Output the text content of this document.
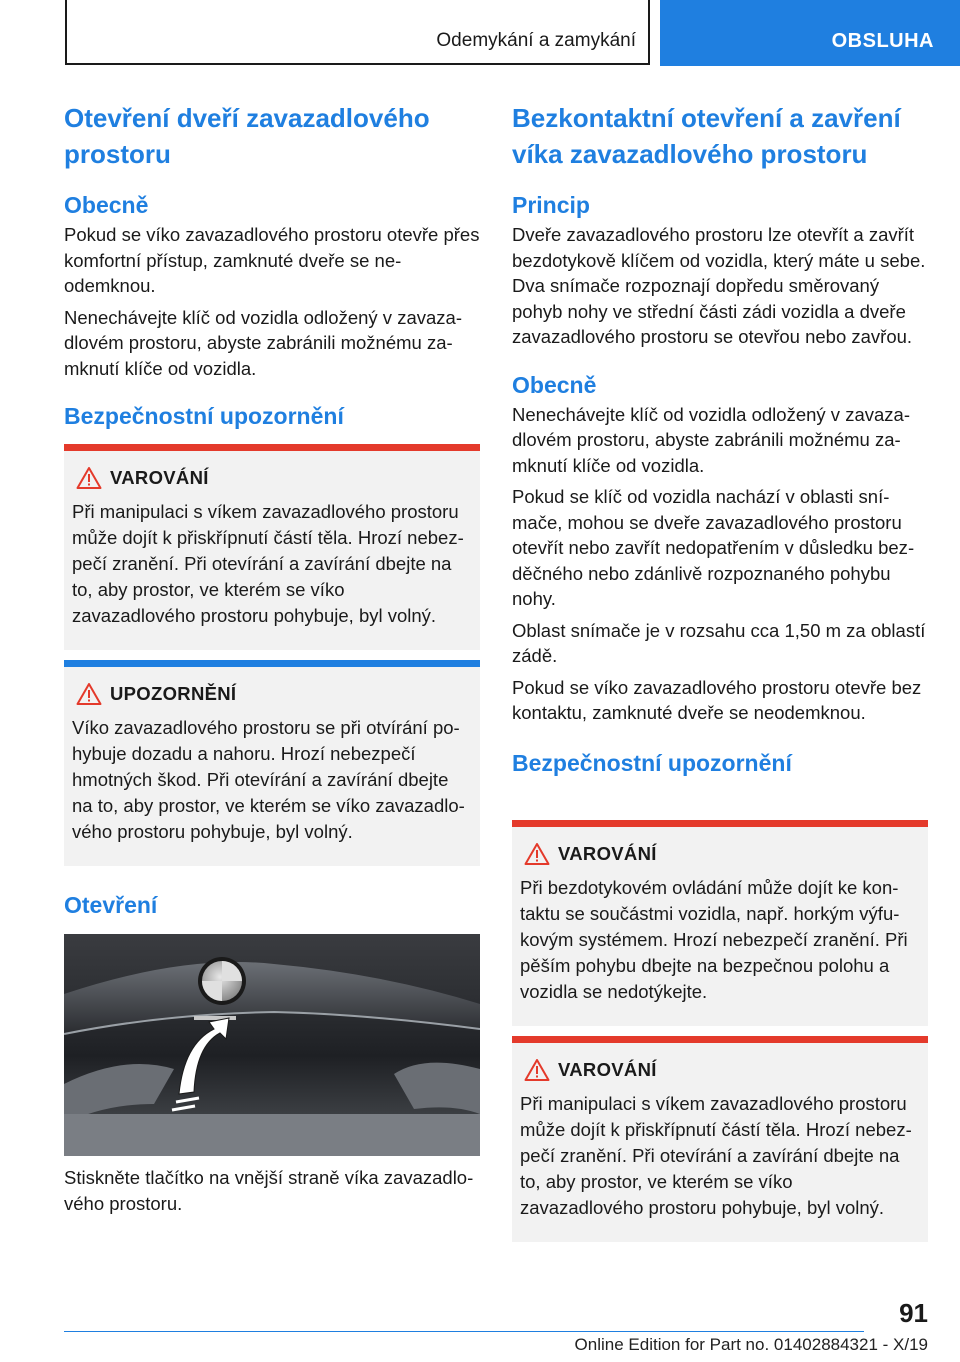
Odemykání a zamykání	OBSLUHA
Otevření dveří zavazadlového prostoru
Obecně

Pokud se víko zavazadlového prostoru otevře přes komfortní přístup, zamknuté dveře se neodemknou.

Nenechávejte klíč od vozidla odložený v zavazadlovém prostoru, abyste zabránili možnému zamknutí klíče od vozidla.

Bezpečnostní upozornění
VAROVÁNÍ
Při manipulaci s víkem zavazadlového prostoru může dojít k přiskřípnutí částí těla. Hrozí nebezpečí zranění. Při otevírání a zavírání dbejte na to, aby prostor, ve kterém se víko zavazadlového prostoru pohybuje, byl volný.
UPOZORNĚNÍ
Víko zavazadlového prostoru se při otvírání pohybuje dozadu a nahoru. Hrozí nebezpečí hmotných škod. Při otevírání a zavírání dbejte na to, aby prostor, ve kterém se víko zavazadlového prostoru pohybuje, byl volný.
Otevření

Stiskněte tlačítko na vnější straně víka zavazadlového prostoru.

Bezkontaktní otevření a zavření víka zavazadlového prostoru
Princip

Dveře zavazadlového prostoru lze otevřít a zavřít bezdotykově klíčem od vozidla, který máte u sebe. Dva snímače rozpoznají dopředu směrovaný pohyb nohy ve střední části zádi vozidla a dveře zavazadlového prostoru se otevřou nebo zavřou.

Obecně

Nenechávejte klíč od vozidla odložený v zavazadlovém prostoru, abyste zabránili možnému zamknutí klíče od vozidla.

Pokud se klíč od vozidla nachází v oblasti snímače, mohou se dveře zavazadlového prostoru otevřít nebo zavřít nedopatřením v důsledku bezděčného nebo zdánlivě rozpoznaného pohybu nohy.

Oblast snímače je v rozsahu cca 1,50 m za oblastí zádě.

Pokud se víko zavazadlového prostoru otevře bez kontaktu, zamknuté dveře se neodemknou.

Bezpečnostní upozornění
VAROVÁNÍ
Při bezdotykovém ovládání může dojít ke kontaktu se součástmi vozidla, např. horkým výfukovým systémem. Hrozí nebezpečí zranění. Při pěším pohybu dbejte na bezpečnou polohu a vozidla se nedotýkejte.
VAROVÁNÍ
Při manipulaci s víkem zavazadlového prostoru může dojít k přiskřípnutí částí těla. Hrozí nebezpečí zranění. Při otevírání a zavírání dbejte na to, aby prostor, ve kterém se víko zavazadlového prostoru pohybuje, byl volný.
91
Online Edition for Part no. 01402884321 - X/19
